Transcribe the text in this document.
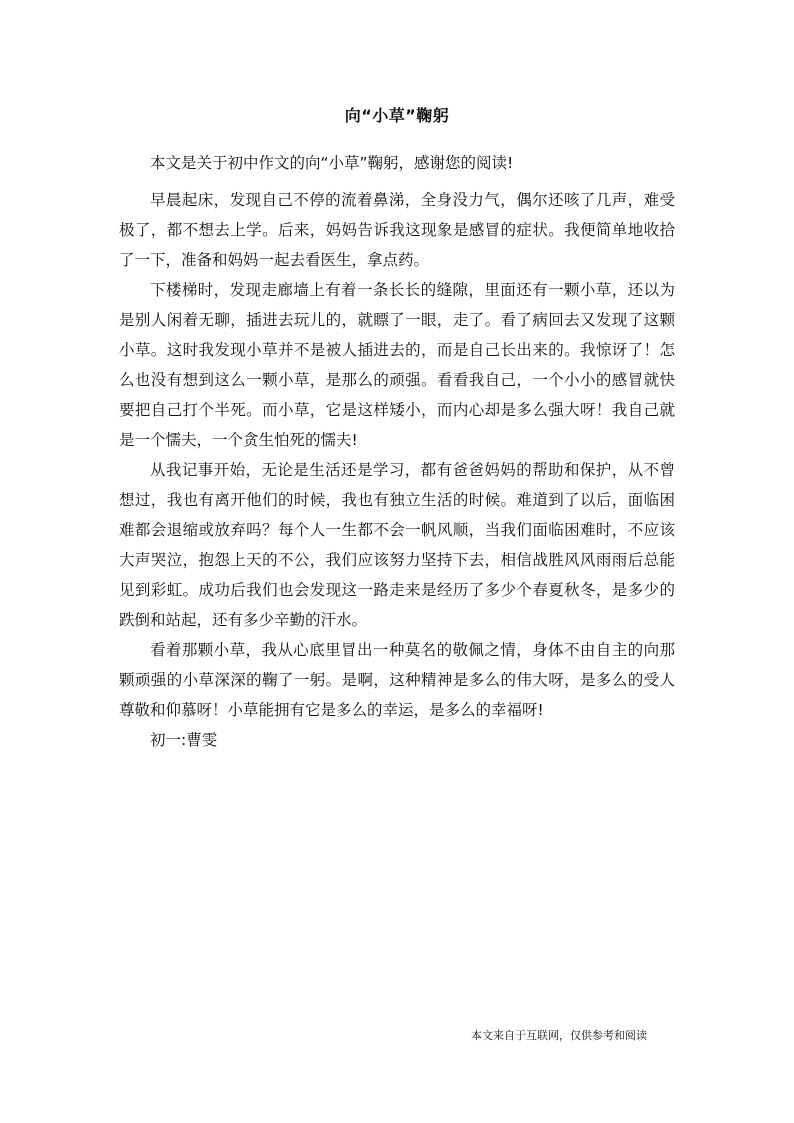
向“小草”鞠躬

本文是关于初中作文的向“小草”鞠躬，感谢您的阅读!

早晨起床，发现自己不停的流着鼻涕，全身没力气，偶尔还咳了几声，难受极了，都不想去上学。后来，妈妈告诉我这现象是感冒的症状。我便简单地收拾了一下，准备和妈妈一起去看医生，拿点药。

下楼梯时，发现走廊墙上有着一条长长的缝隙，里面还有一颗小草，还以为是别人闲着无聊，插进去玩儿的，就瞟了一眼，走了。看了病回去又发现了这颗小草。这时我发现小草并不是被人插进去的，而是自己长出来的。我惊讶了！怎么也没有想到这么一颗小草，是那么的顽强。看看我自己，一个小小的感冒就快要把自己打个半死。而小草，它是这样矮小，而内心却是多么强大呀！我自己就是一个懦夫，一个贪生怕死的懦夫!

从我记事开始，无论是生活还是学习，都有爸爸妈妈的帮助和保护，从不曾想过，我也有离开他们的时候，我也有独立生活的时候。难道到了以后，面临困难都会退缩或放弃吗？每个人一生都不会一帆风顺，当我们面临困难时，不应该大声哭泣，抱怨上天的不公，我们应该努力坚持下去，相信战胜风风雨雨后总能见到彩虹。成功后我们也会发现这一路走来是经历了多少个春夏秋冬，是多少的跌倒和站起，还有多少辛勤的汗水。

看着那颗小草，我从心底里冒出一种莫名的敬佩之情，身体不由自主的向那颗顽强的小草深深的鞠了一躬。是啊，这种精神是多么的伟大呀，是多么的受人尊敬和仰慕呀！小草能拥有它是多么的幸运，是多么的幸福呀!

初一:曹雯

本文来自于互联网，仅供参考和阅读
